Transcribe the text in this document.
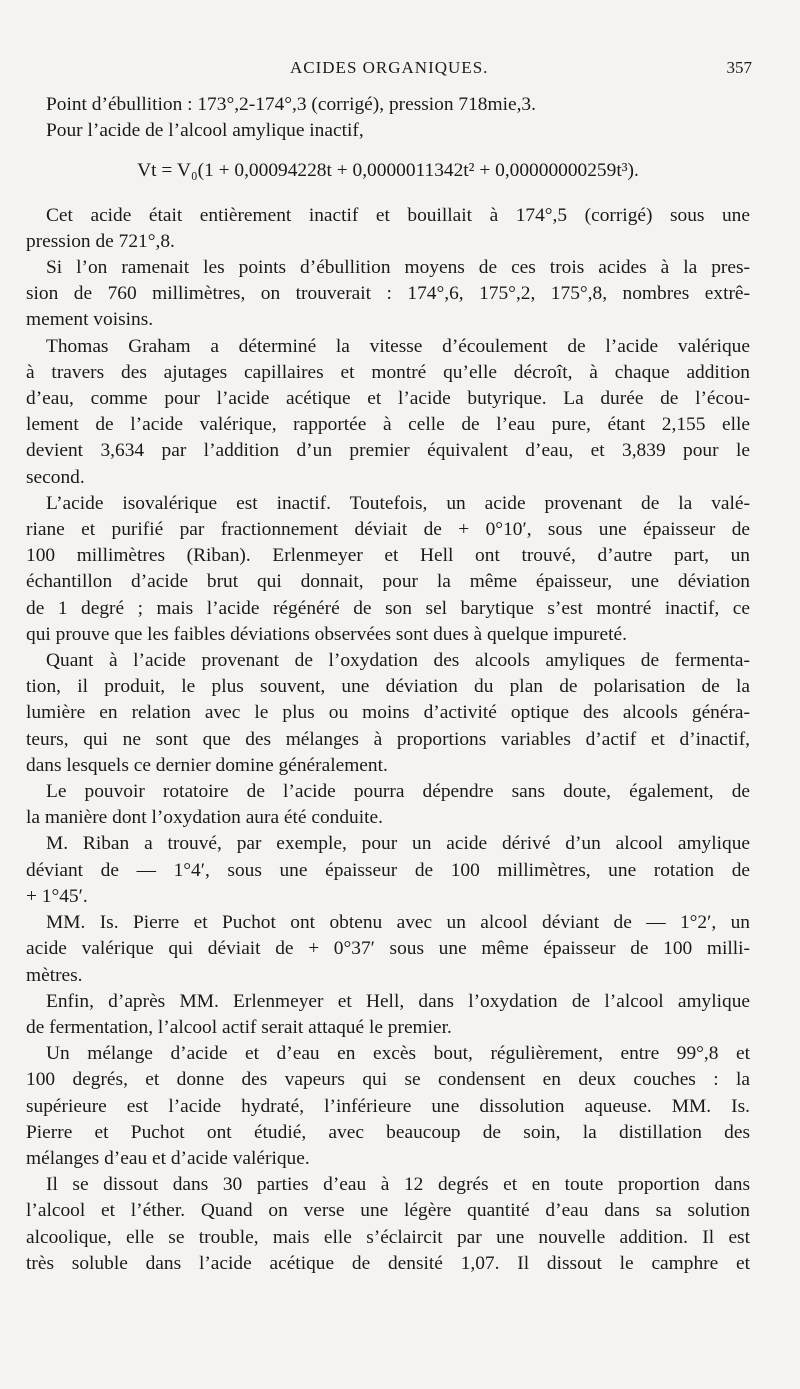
ACIDES ORGANIQUES.	357
Point d’ébullition : 173°,2-174°,3 (corrigé), pression 718mie,3.
Pour l’acide de l’alcool amylique inactif,
Vt = V₀(1 + 0,00094228t + 0,0000011342t² + 0,00000000259t³).
Cet acide était entièrement inactif et bouillait à 174°,5 (corrigé) sous une
pression de 721°,8.
Si l’on ramenait les points d’ébullition moyens de ces trois acides à la pres-
sion de 760 millimètres, on trouverait : 174°,6, 175°,2, 175°,8, nombres extrê-
mement voisins.
Thomas Graham a déterminé la vitesse d’écoulement de l’acide valérique
à travers des ajutages capillaires et montré qu’elle décroît, à chaque addition
d’eau, comme pour l’acide acétique et l’acide butyrique. La durée de l’écou-
lement de l’acide valérique, rapportée à celle de l’eau pure, étant 2,155 elle
devient 3,634 par l’addition d’un premier équivalent d’eau, et 3,839 pour le
second.
L’acide isovalérique est inactif. Toutefois, un acide provenant de la valé-
riane et purifié par fractionnement déviait de + 0°10′, sous une épaisseur de
100 millimètres (Riban). Erlenmeyer et Hell ont trouvé, d’autre part, un
échantillon d’acide brut qui donnait, pour la même épaisseur, une déviation
de 1 degré ; mais l’acide régénéré de son sel barytique s’est montré inactif, ce
qui prouve que les faibles déviations observées sont dues à quelque impureté.
Quant à l’acide provenant de l’oxydation des alcools amyliques de fermenta-
tion, il produit, le plus souvent, une déviation du plan de polarisation de la
lumière en relation avec le plus ou moins d’activité optique des alcools généra-
teurs, qui ne sont que des mélanges à proportions variables d’actif et d’inactif,
dans lesquels ce dernier domine généralement.
Le pouvoir rotatoire de l’acide pourra dépendre sans doute, également, de
la manière dont l’oxydation aura été conduite.
M. Riban a trouvé, par exemple, pour un acide dérivé d’un alcool amylique
déviant de — 1°4′, sous une épaisseur de 100 millimètres, une rotation de
+ 1°45′.
MM. Is. Pierre et Puchot ont obtenu avec un alcool déviant de — 1°2′, un
acide valérique qui déviait de + 0°37′ sous une même épaisseur de 100 milli-
mètres.
Enfin, d’après MM. Erlenmeyer et Hell, dans l’oxydation de l’alcool amylique
de fermentation, l’alcool actif serait attaqué le premier.
Un mélange d’acide et d’eau en excès bout, régulièrement, entre 99°,8 et
100 degrés, et donne des vapeurs qui se condensent en deux couches : la
supérieure est l’acide hydraté, l’inférieure une dissolution aqueuse. MM. Is.
Pierre et Puchot ont étudié, avec beaucoup de soin, la distillation des
mélanges d’eau et d’acide valérique.
Il se dissout dans 30 parties d’eau à 12 degrés et en toute proportion dans
l’alcool et l’éther. Quand on verse une légère quantité d’eau dans sa solution
alcoolique, elle se trouble, mais elle s’éclaircit par une nouvelle addition. Il est
très soluble dans l’acide acétique de densité 1,07. Il dissout le camphre et
